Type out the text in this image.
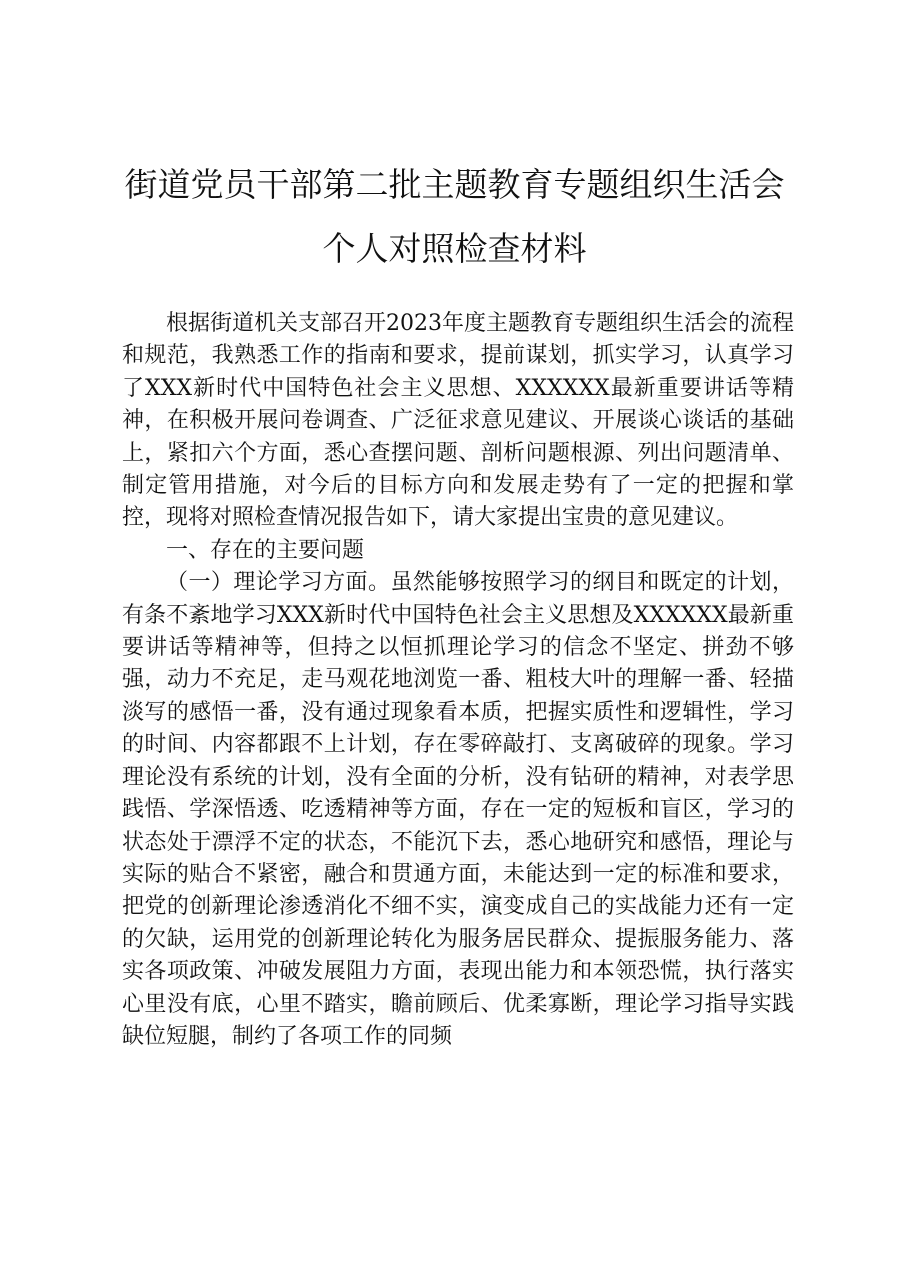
街道党员干部第二批主题教育专题组织生活会
个人对照检查材料

根据街道机关支部召开2023年度主题教育专题组织生活会的流程和规范，我熟悉工作的指南和要求，提前谋划，抓实学习，认真学习了XXX新时代中国特色社会主义思想、XXXXXX最新重要讲话等精神，在积极开展问卷调查、广泛征求意见建议、开展谈心谈话的基础上，紧扣六个方面，悉心查摆问题、剖析问题根源、列出问题清单、制定管用措施，对今后的目标方向和发展走势有了一定的把握和掌控，现将对照检查情况报告如下，请大家提出宝贵的意见建议。

一、存在的主要问题

（一）理论学习方面。虽然能够按照学习的纲目和既定的计划，有条不紊地学习XXX新时代中国特色社会主义思想及XXXXXX最新重要讲话等精神等，但持之以恒抓理论学习的信念不坚定、拼劲不够强，动力不充足，走马观花地浏览一番、粗枝大叶的理解一番、轻描淡写的感悟一番，没有通过现象看本质，把握实质性和逻辑性，学习的时间、内容都跟不上计划，存在零碎敲打、支离破碎的现象。学习理论没有系统的计划，没有全面的分析，没有钻研的精神，对表学思践悟、学深悟透、吃透精神等方面，存在一定的短板和盲区，学习的状态处于漂浮不定的状态，不能沉下去，悉心地研究和感悟，理论与实际的贴合不紧密，融合和贯通方面，未能达到一定的标准和要求，把党的创新理论渗透消化不细不实，演变成自己的实战能力还有一定的欠缺，运用党的创新理论转化为服务居民群众、提振服务能力、落实各项政策、冲破发展阻力方面，表现出能力和本领恐慌，执行落实心里没有底，心里不踏实，瞻前顾后、优柔寡断，理论学习指导实践缺位短腿，制约了各项工作的同频
